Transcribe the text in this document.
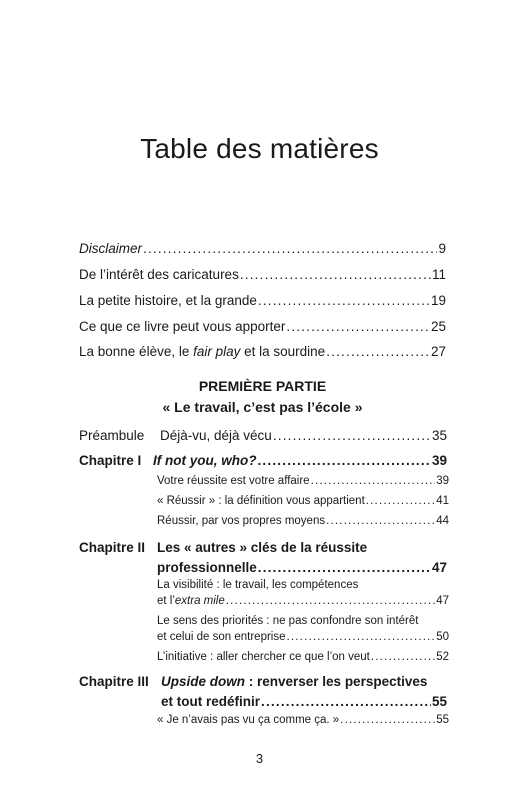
Table des matières
Disclaimer .....	9
De l’intérêt des caricatures .....	11
La petite histoire, et la grande .....	19
Ce que ce livre peut vous apporter .....	25
La bonne élève, le fair play et la sourdine .....	27
PREMIÈRE PARTIE
« Le travail, c’est pas l’école »
Préambule Déjà-vu, déjà vécu .....	35
Chapitre I If not you, who? .....	39
Votre réussite est votre affaire .....	39
« Réussir » : la définition vous appartient .....	41
Réussir, par vos propres moyens .....	44
Chapitre II Les « autres » clés de la réussite
professionnelle .....	47
La visibilité : le travail, les compétences
et l’extra mile .....	47
Le sens des priorités : ne pas confondre son intérêt
et celui de son entreprise .....	50
L’initiative : aller chercher ce que l’on veut .....	52
Chapitre III Upside down : renverser les perspectives
et tout redéfinir .....	55
« Je n’avais pas vu ça comme ça. » .....	55
3
